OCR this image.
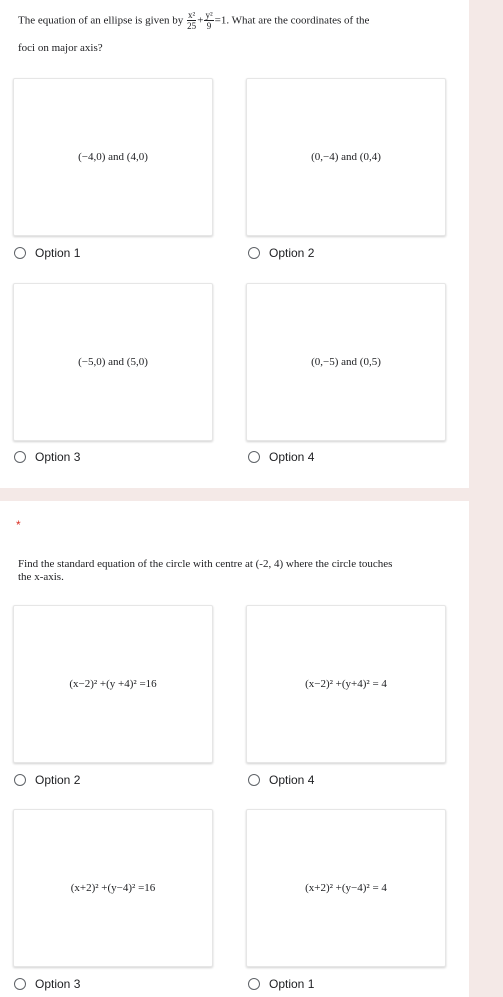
The equation of an ellipse is given by $\frac{\text{x²}}{25} + \frac{\text{y²}}{9} =1$. What are the coordinates of the
foci on major axis?
(−4,0) and (4,0)	(0,−4) and (0,4)
Option 1	Option 2
(−5,0) and (5,0)	(0,−5) and (0,5)
Option 3	Option 4
*
Find the standard equation of the circle with centre at (-2, 4) where the circle touches
the x-axis.
(x−2)² +(y +4)² =16	(x−2)² +(y+4)² = 4
Option 2	Option 4
(x+2)² +(y−4)² =16	(x+2)² +(y−4)² = 4
Option 3	Option 1
